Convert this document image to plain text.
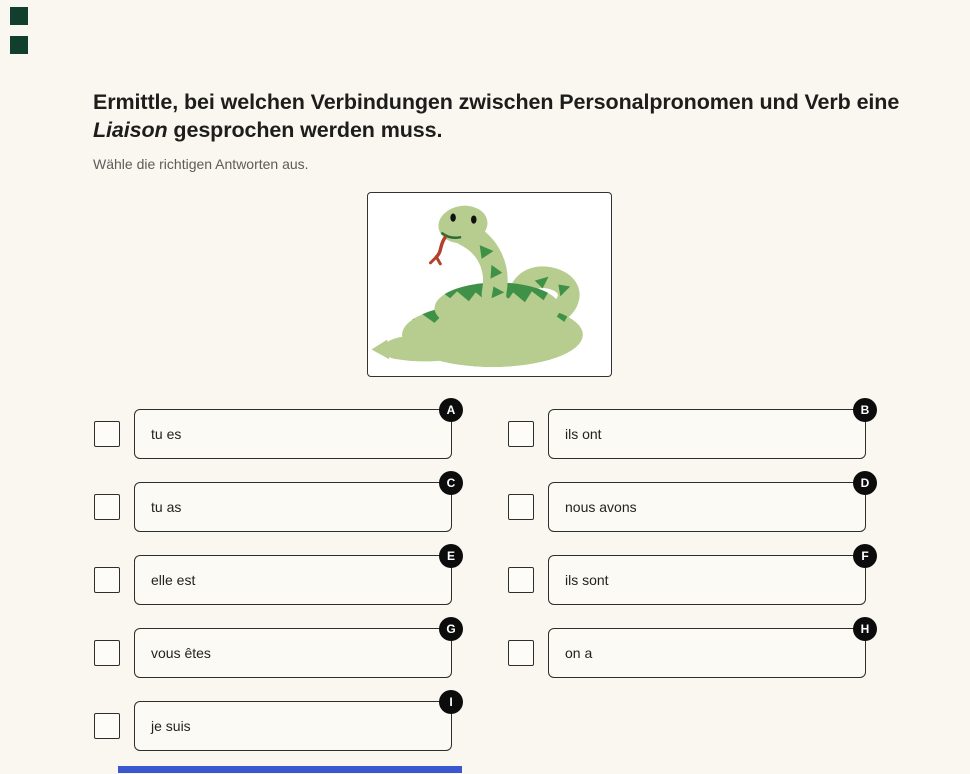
Ermittle, bei welchen Verbindungen zwischen Personalpronomen und Verb eine Liaison gesprochen werden muss.

Wähle die richtigen Antworten aus.

tu es
A
tu as
C
elle est
E
vous êtes
G
je suis
I
ils ont
B
nous avons
D
ils sont
F
on a
H
